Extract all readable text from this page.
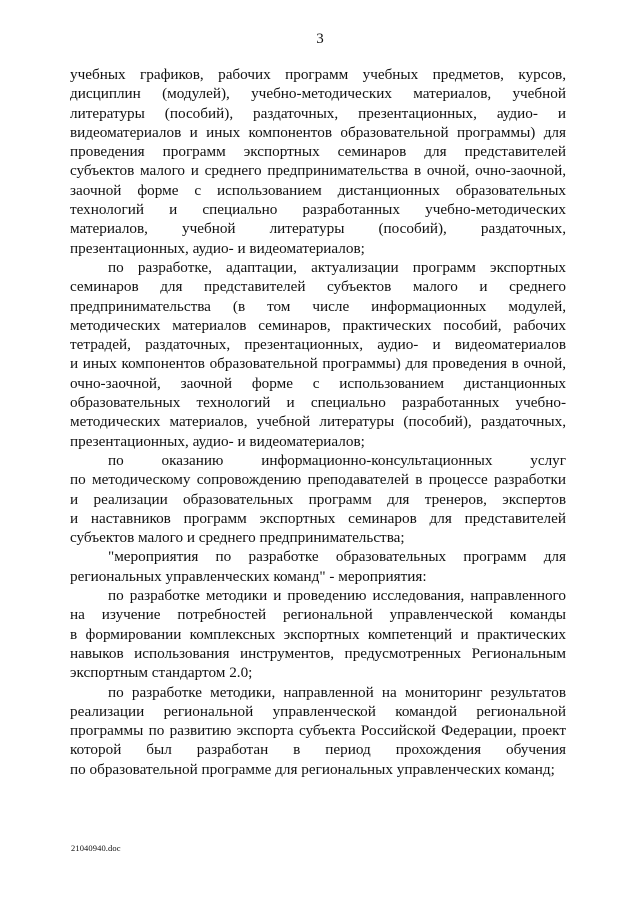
3
учебных графиков, рабочих программ учебных предметов, курсов,
дисциплин (модулей), учебно-методических материалов, учебной
литературы (пособий), раздаточных, презентационных, аудио- и
видеоматериалов и иных компонентов образовательной программы) для
проведения программ экспортных семинаров для представителей
субъектов малого и среднего предпринимательства в очной, очно-заочной,
заочной форме с использованием дистанционных образовательных
технологий и специально разработанных учебно-методических
материалов, учебной литературы (пособий), раздаточных,
презентационных, аудио- и видеоматериалов;
по разработке, адаптации, актуализации программ экспортных
семинаров для представителей субъектов малого и среднего
предпринимательства (в том числе информационных модулей,
методических материалов семинаров, практических пособий, рабочих
тетрадей, раздаточных, презентационных, аудио- и видеоматериалов
и иных компонентов образовательной программы) для проведения в очной,
очно-заочной, заочной форме с использованием дистанционных
образовательных технологий и специально разработанных учебно-
методических материалов, учебной литературы (пособий), раздаточных,
презентационных, аудио- и видеоматериалов;
по оказанию информационно-консультационных услуг
по методическому сопровождению преподавателей в процессе разработки
и реализации образовательных программ для тренеров, экспертов
и наставников программ экспортных семинаров для представителей
субъектов малого и среднего предпринимательства;
"мероприятия по разработке образовательных программ для
региональных управленческих команд" - мероприятия:
по разработке методики и проведению исследования, направленного
на изучение потребностей региональной управленческой команды
в формировании комплексных экспортных компетенций и практических
навыков использования инструментов, предусмотренных Региональным
экспортным стандартом 2.0;
по разработке методики, направленной на мониторинг результатов
реализации региональной управленческой командой региональной
программы по развитию экспорта субъекта Российской Федерации, проект
которой был разработан в период прохождения обучения
по образовательной программе для региональных управленческих команд;
21040940.doc
